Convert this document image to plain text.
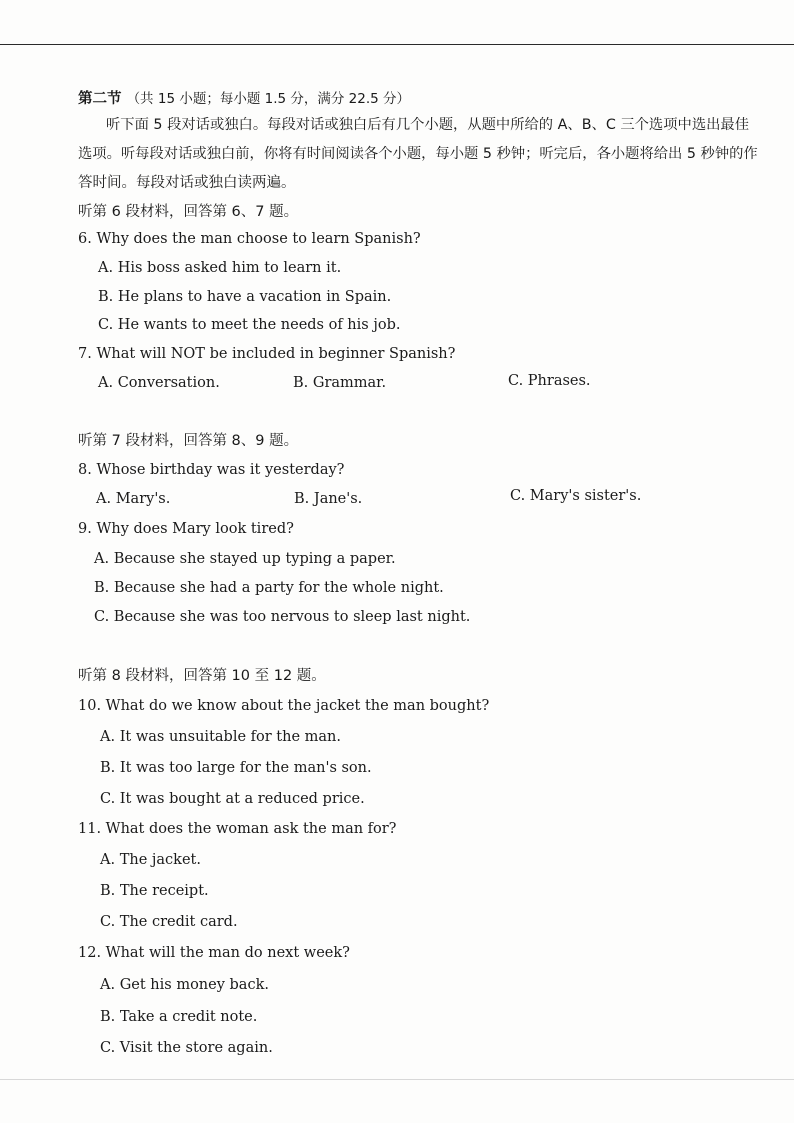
第二节 （共 15 小题；每小题 1.5 分，满分 22.5 分）
听下面 5 段对话或独白。每段对话或独白后有几个小题，从题中所给的 A、B、C 三个选项中选出最佳
选项。听每段对话或独白前，你将有时间阅读各个小题，每小题 5 秒钟；听完后，各小题将给出 5 秒钟的作
答时间。每段对话或独白读两遍。
听第 6 段材料，回答第 6、7 题。
6. Why does the man choose to learn Spanish?
A. His boss asked him to learn it.
B. He plans to have a vacation in Spain.
C. He wants to meet the needs of his job.
7. What will NOT be included in beginner Spanish?
A. Conversation.	B. Grammar.	C. Phrases.
听第 7 段材料，回答第 8、9 题。
8. Whose birthday was it yesterday?
A. Mary's.	B. Jane's.	C. Mary's sister's.
9. Why does Mary look tired?
A. Because she stayed up typing a paper.
B. Because she had a party for the whole night.
C. Because she was too nervous to sleep last night.
听第 8 段材料，回答第 10 至 12 题。
10. What do we know about the jacket the man bought?
A. It was unsuitable for the man.
B. It was too large for the man's son.
C. It was bought at a reduced price.
11. What does the woman ask the man for?
A. The jacket.
B. The receipt.
C. The credit card.
12. What will the man do next week?
A. Get his money back.
B. Take a credit note.
C. Visit the store again.
